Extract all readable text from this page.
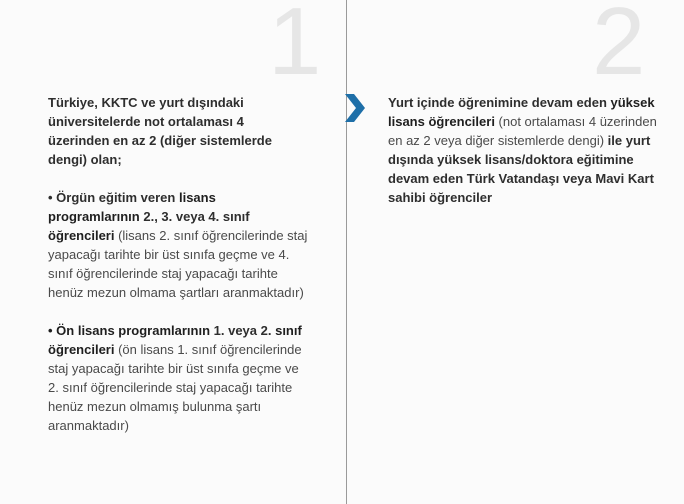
1	2

Türkiye, KKTC ve yurt dışındaki üniversitelerde not ortalaması 4 üzerinden en az 2 (diğer sistemlerde dengi) olan;

• Örgün eğitim veren lisans programlarının 2., 3. veya 4. sınıf öğrencileri (lisans 2. sınıf öğrencilerinde staj yapacağı tarihte bir üst sınıfa geçme ve 4. sınıf öğrencilerinde staj yapacağı tarihte henüz mezun olmama şartları aranmaktadır)

• Ön lisans programlarının 1. veya 2. sınıf öğrencileri (ön lisans 1. sınıf öğrencilerinde staj yapacağı tarihte bir üst sınıfa geçme ve 2. sınıf öğrencilerinde staj yapacağı tarihte henüz mezun olmamış bulunma şartı aranmaktadır)

Yurt içinde öğrenimine devam eden yüksek lisans öğrencileri (not ortalaması 4 üzerinden en az 2 veya diğer sistemlerde dengi) ile yurt dışında yüksek lisans/doktora eğitimine devam eden Türk Vatandaşı veya Mavi Kart sahibi öğrenciler
